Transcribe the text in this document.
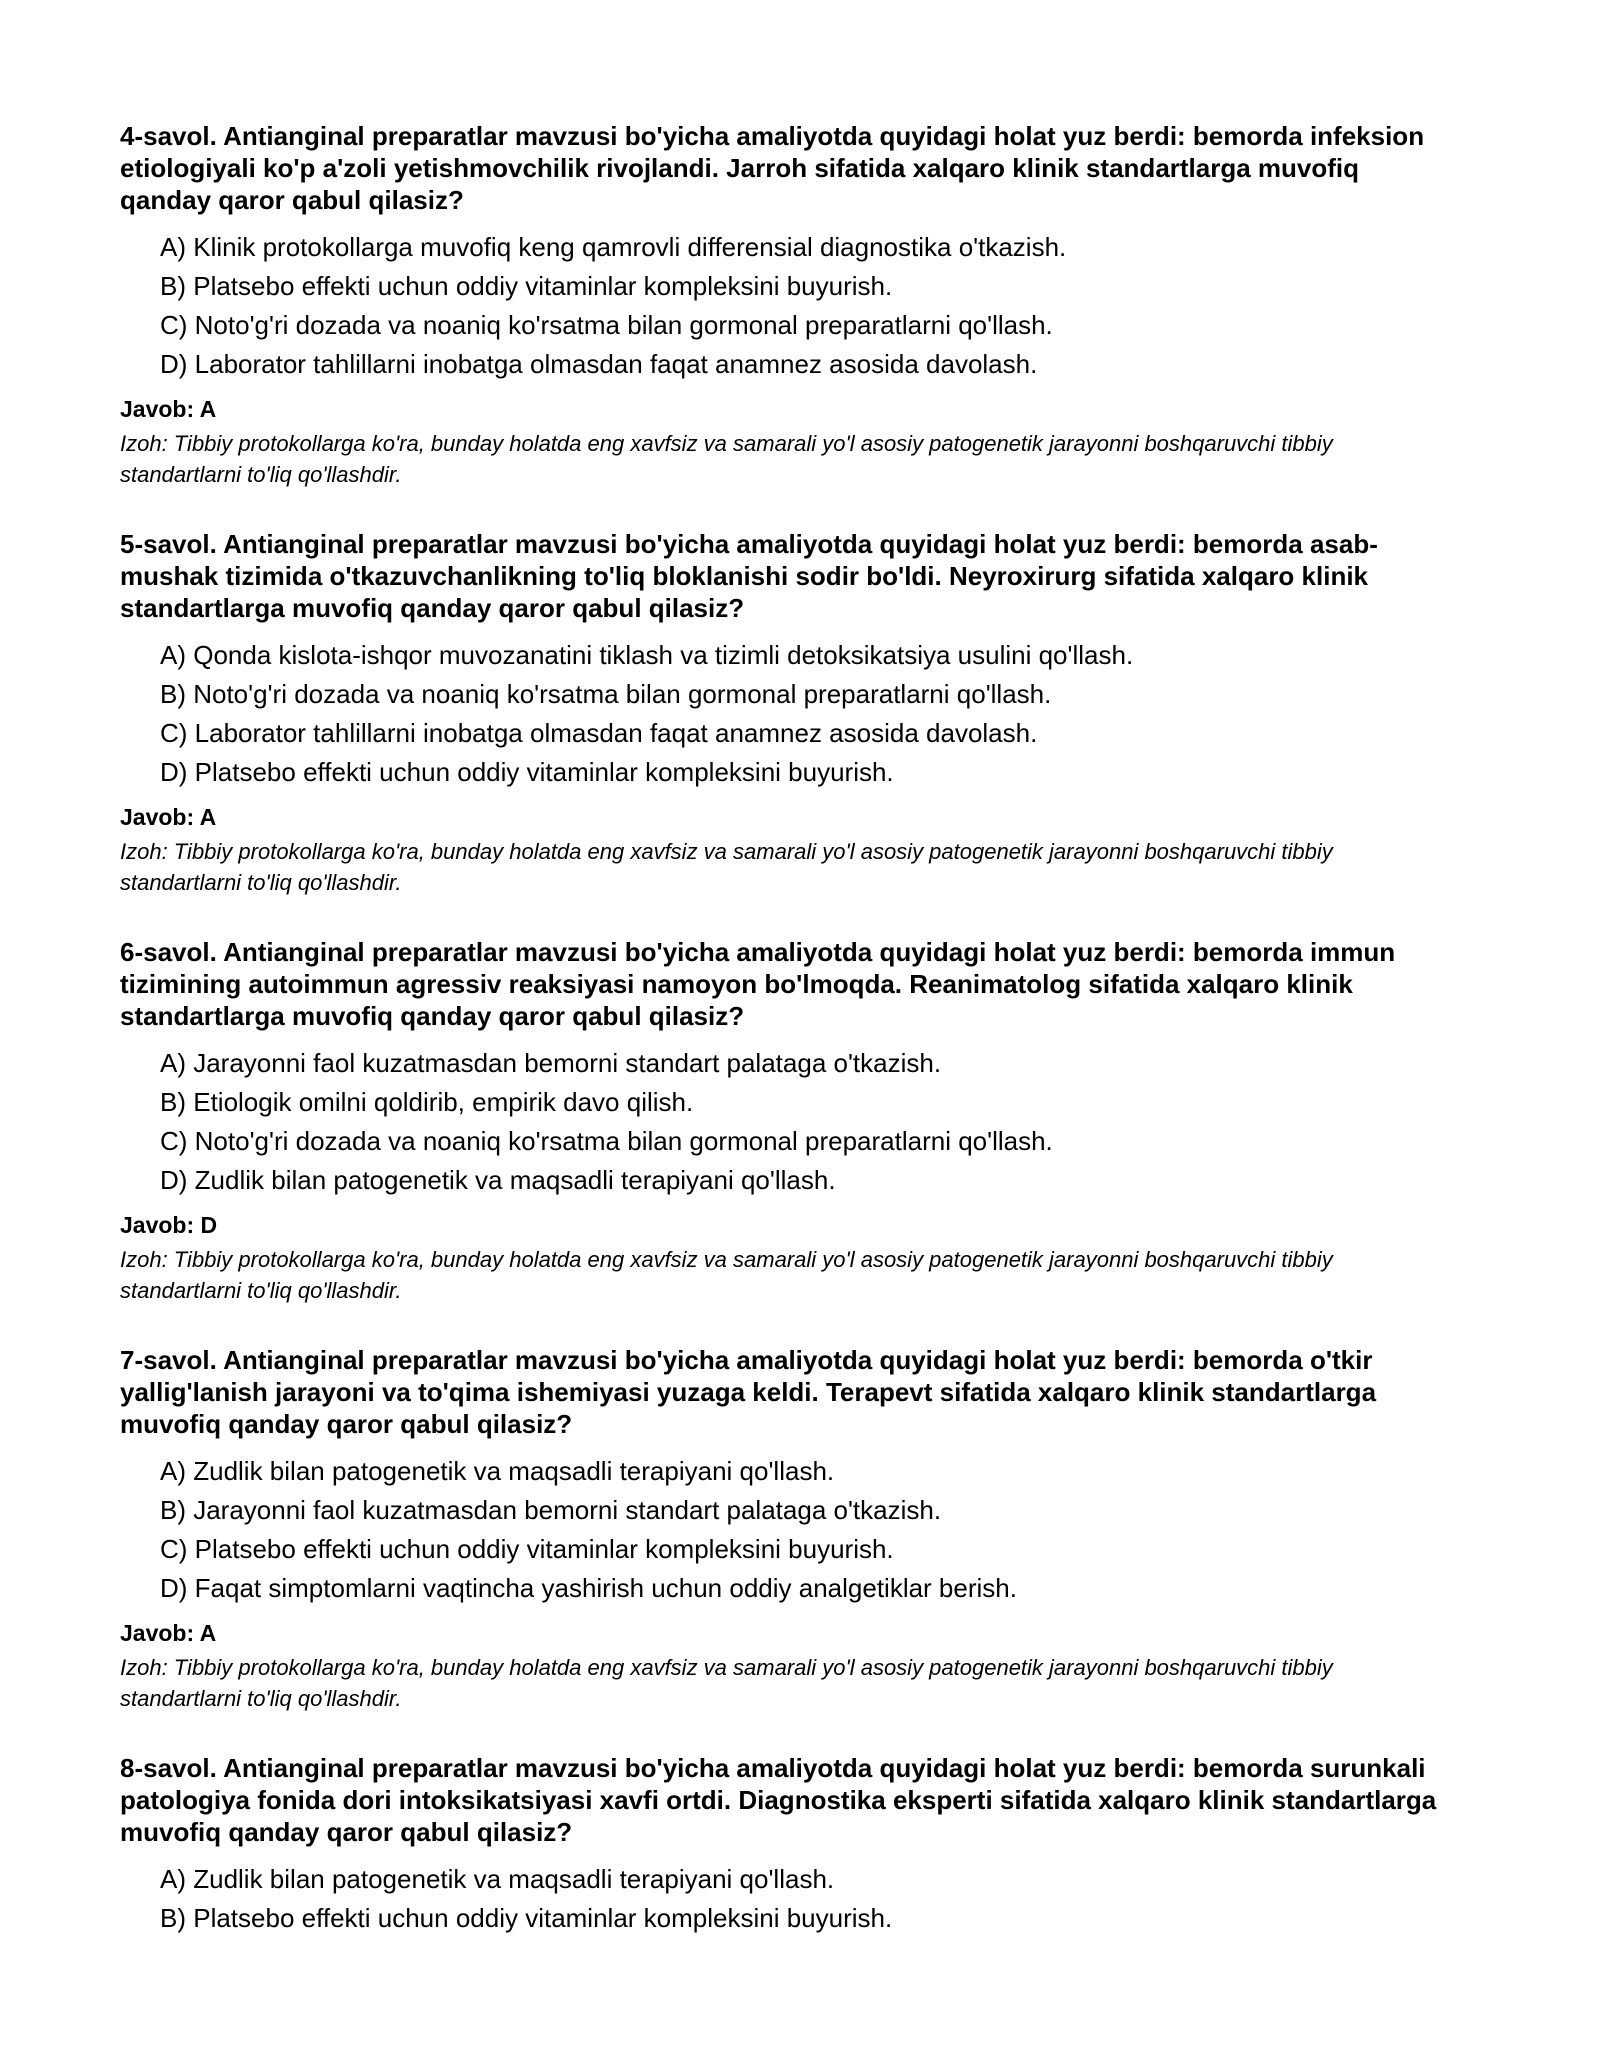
4-savol. Antianginal preparatlar mavzusi bo'yicha amaliyotda quyidagi holat yuz berdi: bemorda infeksion etiologiyali ko'p a'zoli yetishmovchilik rivojlandi. Jarroh sifatida xalqaro klinik standartlarga muvofiq qanday qaror qabul qilasiz?

A) Klinik protokollarga muvofiq keng qamrovli differensial diagnostika o'tkazish.
B) Platsebo effekti uchun oddiy vitaminlar kompleksini buyurish.
C) Noto'g'ri dozada va noaniq ko'rsatma bilan gormonal preparatlarni qo'llash.
D) Laborator tahlillarni inobatga olmasdan faqat anamnez asosida davolash.

Javob: A

Izoh: Tibbiy protokollarga ko'ra, bunday holatda eng xavfsiz va samarali yo'l asosiy patogenetik jarayonni boshqaruvchi tibbiy standartlarni to'liq qo'llashdir.

5-savol. Antianginal preparatlar mavzusi bo'yicha amaliyotda quyidagi holat yuz berdi: bemorda asab-mushak tizimida o'tkazuvchanlikning to'liq bloklanishi sodir bo'ldi. Neyroxirurg sifatida xalqaro klinik standartlarga muvofiq qanday qaror qabul qilasiz?

A) Qonda kislota-ishqor muvozanatini tiklash va tizimli detoksikatsiya usulini qo'llash.
B) Noto'g'ri dozada va noaniq ko'rsatma bilan gormonal preparatlarni qo'llash.
C) Laborator tahlillarni inobatga olmasdan faqat anamnez asosida davolash.
D) Platsebo effekti uchun oddiy vitaminlar kompleksini buyurish.

Javob: A

Izoh: Tibbiy protokollarga ko'ra, bunday holatda eng xavfsiz va samarali yo'l asosiy patogenetik jarayonni boshqaruvchi tibbiy standartlarni to'liq qo'llashdir.

6-savol. Antianginal preparatlar mavzusi bo'yicha amaliyotda quyidagi holat yuz berdi: bemorda immun tizimining autoimmun agressiv reaksiyasi namoyon bo'lmoqda. Reanimatolog sifatida xalqaro klinik standartlarga muvofiq qanday qaror qabul qilasiz?

A) Jarayonni faol kuzatmasdan bemorni standart palataga o'tkazish.
B) Etiologik omilni qoldirib, empirik davo qilish.
C) Noto'g'ri dozada va noaniq ko'rsatma bilan gormonal preparatlarni qo'llash.
D) Zudlik bilan patogenetik va maqsadli terapiyani qo'llash.

Javob: D

Izoh: Tibbiy protokollarga ko'ra, bunday holatda eng xavfsiz va samarali yo'l asosiy patogenetik jarayonni boshqaruvchi tibbiy standartlarni to'liq qo'llashdir.

7-savol. Antianginal preparatlar mavzusi bo'yicha amaliyotda quyidagi holat yuz berdi: bemorda o'tkir yallig'lanish jarayoni va to'qima ishemiyasi yuzaga keldi. Terapevt sifatida xalqaro klinik standartlarga muvofiq qanday qaror qabul qilasiz?

A) Zudlik bilan patogenetik va maqsadli terapiyani qo'llash.
B) Jarayonni faol kuzatmasdan bemorni standart palataga o'tkazish.
C) Platsebo effekti uchun oddiy vitaminlar kompleksini buyurish.
D) Faqat simptomlarni vaqtincha yashirish uchun oddiy analgetiklar berish.

Javob: A

Izoh: Tibbiy protokollarga ko'ra, bunday holatda eng xavfsiz va samarali yo'l asosiy patogenetik jarayonni boshqaruvchi tibbiy standartlarni to'liq qo'llashdir.

8-savol. Antianginal preparatlar mavzusi bo'yicha amaliyotda quyidagi holat yuz berdi: bemorda surunkali patologiya fonida dori intoksikatsiyasi xavfi ortdi. Diagnostika eksperti sifatida xalqaro klinik standartlarga muvofiq qanday qaror qabul qilasiz?

A) Zudlik bilan patogenetik va maqsadli terapiyani qo'llash.
B) Platsebo effekti uchun oddiy vitaminlar kompleksini buyurish.
